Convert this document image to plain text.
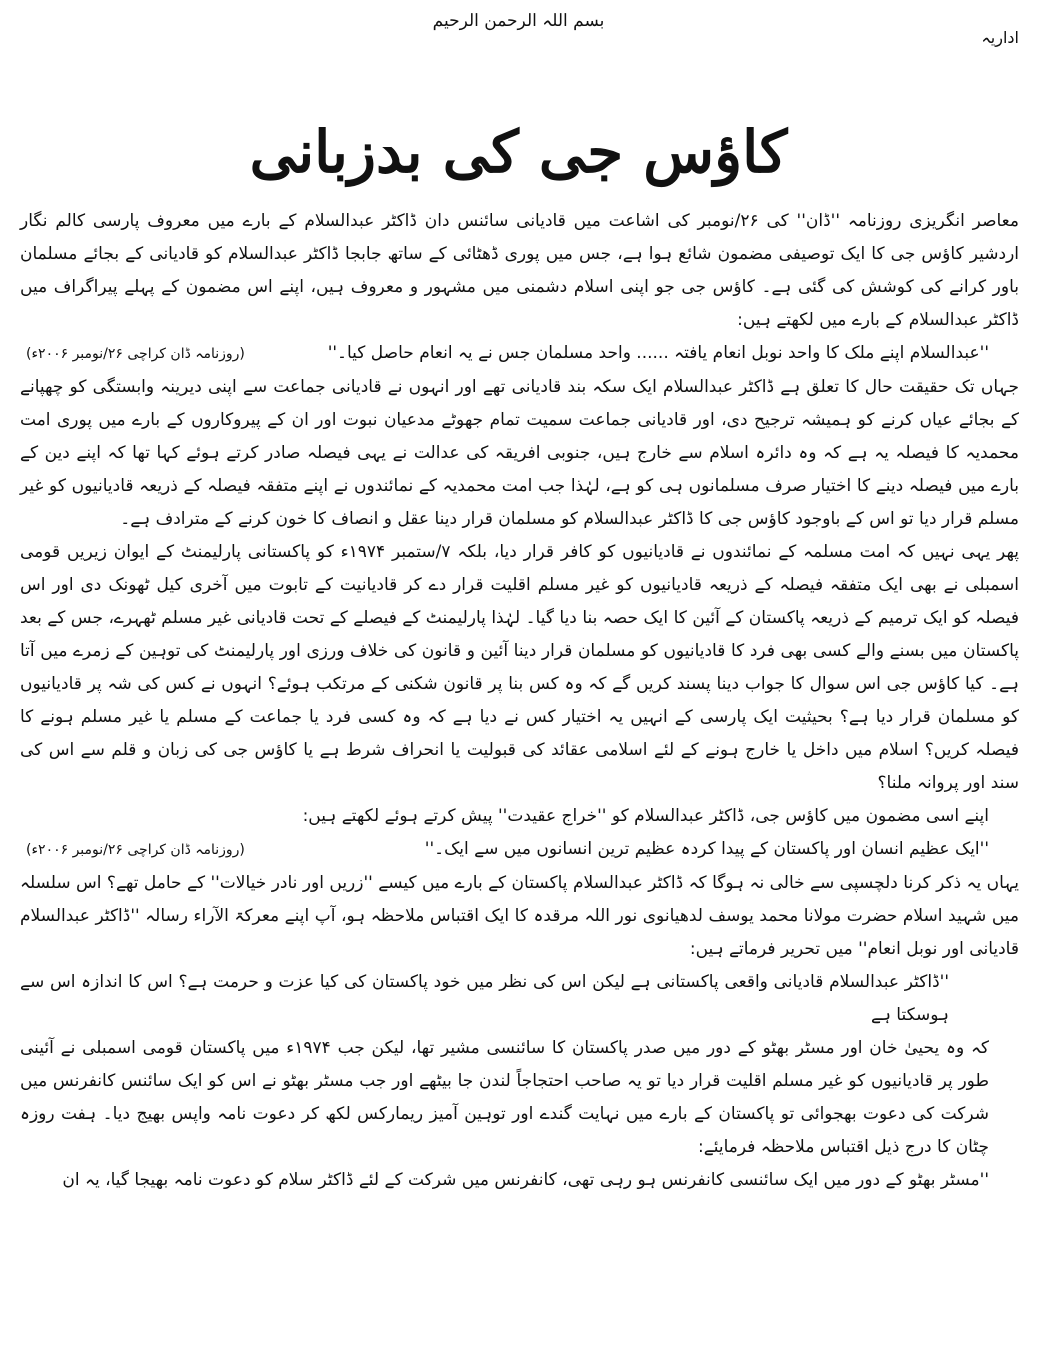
اداریہ
بسم اللہ الرحمن الرحیم
کاؤس جی کی بدزبانی

معاصر انگریزی روزنامہ ''ڈان'' کی ۲۶/نومبر کی اشاعت میں قادیانی سائنس دان ڈاکٹر عبدالسلام کے بارے میں معروف پارسی کالم نگار اردشیر کاؤس جی کا ایک توصیفی مضمون شائع ہوا ہے، جس میں پوری ڈھٹائی کے ساتھ جابجا ڈاکٹر عبدالسلام کو قادیانی کے بجائے مسلمان باور کرانے کی کوشش کی گئی ہے۔ کاؤس جی جو اپنی اسلام دشمنی میں مشہور و معروف ہیں، اپنے اس مضمون کے پہلے پیراگراف میں ڈاکٹر عبدالسلام کے بارے میں لکھتے ہیں:

''عبدالسلام اپنے ملک کا واحد نوبل انعام یافتہ ...... واحد مسلمان جس نے یہ انعام حاصل کیا۔''
(روزنامہ ڈان کراچی ۲۶/نومبر ۲۰۰۶ء)

جہاں تک حقیقت حال کا تعلق ہے ڈاکٹر عبدالسلام ایک سکہ بند قادیانی تھے اور انہوں نے قادیانی جماعت سے اپنی دیرینہ وابستگی کو چھپانے کے بجائے عیاں کرنے کو ہمیشہ ترجیح دی، اور قادیانی جماعت سمیت تمام جھوٹے مدعیان نبوت اور ان کے پیروکاروں کے بارے میں پوری امت محمدیہ کا فیصلہ یہ ہے کہ وہ دائرہ اسلام سے خارج ہیں، جنوبی افریقہ کی عدالت نے یہی فیصلہ صادر کرتے ہوئے کہا تھا کہ اپنے دین کے بارے میں فیصلہ دینے کا اختیار صرف مسلمانوں ہی کو ہے، لہٰذا جب امت محمدیہ کے نمائندوں نے اپنے متفقہ فیصلہ کے ذریعہ قادیانیوں کو غیر مسلم قرار دیا تو اس کے باوجود کاؤس جی کا ڈاکٹر عبدالسلام کو مسلمان قرار دینا عقل و انصاف کا خون کرنے کے مترادف ہے۔

پھر یہی نہیں کہ امت مسلمہ کے نمائندوں نے قادیانیوں کو کافر قرار دیا، بلکہ ۷/ستمبر ۱۹۷۴ء کو پاکستانی پارلیمنٹ کے ایوان زیریں قومی اسمبلی نے بھی ایک متفقہ فیصلہ کے ذریعہ قادیانیوں کو غیر مسلم اقلیت قرار دے کر قادیانیت کے تابوت میں آخری کیل ٹھونک دی اور اس فیصلہ کو ایک ترمیم کے ذریعہ پاکستان کے آئین کا ایک حصہ بنا دیا گیا۔ لہٰذا پارلیمنٹ کے فیصلے کے تحت قادیانی غیر مسلم ٹھہرے، جس کے بعد پاکستان میں بسنے والے کسی بھی فرد کا قادیانیوں کو مسلمان قرار دینا آئین و قانون کی خلاف ورزی اور پارلیمنٹ کی توہین کے زمرے میں آتا ہے۔ کیا کاؤس جی اس سوال کا جواب دینا پسند کریں گے کہ وہ کس بنا پر قانون شکنی کے مرتکب ہوئے؟ انہوں نے کس کی شہ پر قادیانیوں کو مسلمان قرار دیا ہے؟ بحیثیت ایک پارسی کے انہیں یہ اختیار کس نے دیا ہے کہ وہ کسی فرد یا جماعت کے مسلم یا غیر مسلم ہونے کا فیصلہ کریں؟ اسلام میں داخل یا خارج ہونے کے لئے اسلامی عقائد کی قبولیت یا انحراف شرط ہے یا کاؤس جی کی زبان و قلم سے اس کی سند اور پروانہ ملنا؟

اپنے اسی مضمون میں کاؤس جی، ڈاکٹر عبدالسلام کو ''خراج عقیدت'' پیش کرتے ہوئے لکھتے ہیں:

''ایک عظیم انسان اور پاکستان کے پیدا کردہ عظیم ترین انسانوں میں سے ایک۔''
(روزنامہ ڈان کراچی ۲۶/نومبر ۲۰۰۶ء)

یہاں یہ ذکر کرنا دلچسپی سے خالی نہ ہوگا کہ ڈاکٹر عبدالسلام پاکستان کے بارے میں کیسے ''زریں اور نادر خیالات'' کے حامل تھے؟ اس سلسلہ میں شہید اسلام حضرت مولانا محمد یوسف لدھیانوی نور اللہ مرقدہ کا ایک اقتباس ملاحظہ ہو، آپ اپنے معرکۃ الآراء رسالہ ''ڈاکٹر عبدالسلام قادیانی اور نوبل انعام'' میں تحریر فرماتے ہیں:

''ڈاکٹر عبدالسلام قادیانی واقعی پاکستانی ہے لیکن اس کی نظر میں خود پاکستان کی کیا عزت و حرمت ہے؟ اس کا اندازہ اس سے ہوسکتا ہے

کہ وہ یحییٰ خان اور مسٹر بھٹو کے دور میں صدر پاکستان کا سائنسی مشیر تھا، لیکن جب ۱۹۷۴ء میں پاکستان قومی اسمبلی نے آئینی طور پر قادیانیوں کو غیر مسلم اقلیت قرار دیا تو یہ صاحب احتجاجاً لندن جا بیٹھے اور جب مسٹر بھٹو نے اس کو ایک سائنس کانفرنس میں شرکت کی دعوت بھجوائی تو پاکستان کے بارے میں نہایت گندے اور توہین آمیز ریمارکس لکھ کر دعوت نامہ واپس بھیج دیا۔ ہفت روزہ چٹان کا درج ذیل اقتباس ملاحظہ فرمایئے:

''مسٹر بھٹو کے دور میں ایک سائنسی کانفرنس ہو رہی تھی، کانفرنس میں شرکت کے لئے ڈاکٹر سلام کو دعوت نامہ بھیجا گیا، یہ ان
